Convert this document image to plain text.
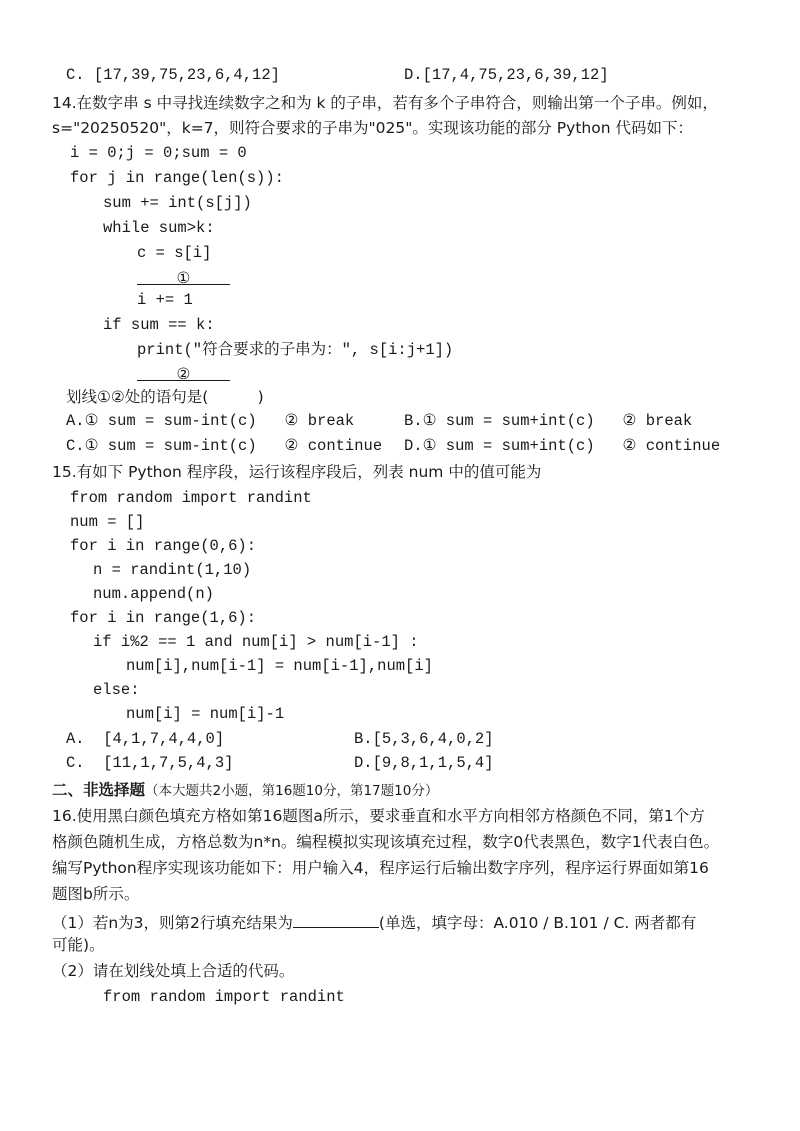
C. [17,39,75,23,6,4,12]	D.[17,4,75,23,6,39,12]
14.在数字串 s 中寻找连续数字之和为 k 的子串，若有多个子串符合，则输出第一个子串。例如，
s="20250520"，k=7，则符合要求的子串为"025"。实现该功能的部分 Python 代码如下：
i = 0;j = 0;sum = 0
for j in range(len(s)):
sum += int(s[j])
while sum>k:
c = s[i]
①
i += 1
if sum == k:
print("符合要求的子串为：", s[i:j+1])
②
划线①②处的语句是(          )
A.① sum = sum-int(c)   ② break	B.① sum = sum+int(c)   ② break
C.① sum = sum-int(c)   ② continue D.① sum = sum+int(c)   ② continue
15.有如下 Python 程序段，运行该程序段后，列表 num 中的值可能为
from random import randint
num = []
for i in range(0,6):
n = randint(1,10)
num.append(n)
for i in range(1,6):
if i%2 == 1 and num[i] > num[i-1] :
num[i],num[i-1] = num[i-1],num[i]
else:
num[i] = num[i]-1
A.  [4,1,7,4,4,0]	B.[5,3,6,4,0,2]
C.  [11,1,7,5,4,3]	D.[9,8,1,1,5,4]
二、非选择题（本大题共2小题，第16题10分，第17题10分）
16.使用黑白颜色填充方格如第16题图a所示，要求垂直和水平方向相邻方格颜色不同，第1个方
格颜色随机生成，方格总数为n*n。编程模拟实现该填充过程，数字0代表黑色，数字1代表白色。
编写Python程序实现该功能如下：用户输入4，程序运行后输出数字序列，程序运行界面如第16
题图b所示。
（1）若n为3，则第2行填充结果为	(单选，填字母：A.010 / B.101 / C. 两者都有
可能)。
（2）请在划线处填上合适的代码。
from random import randint
